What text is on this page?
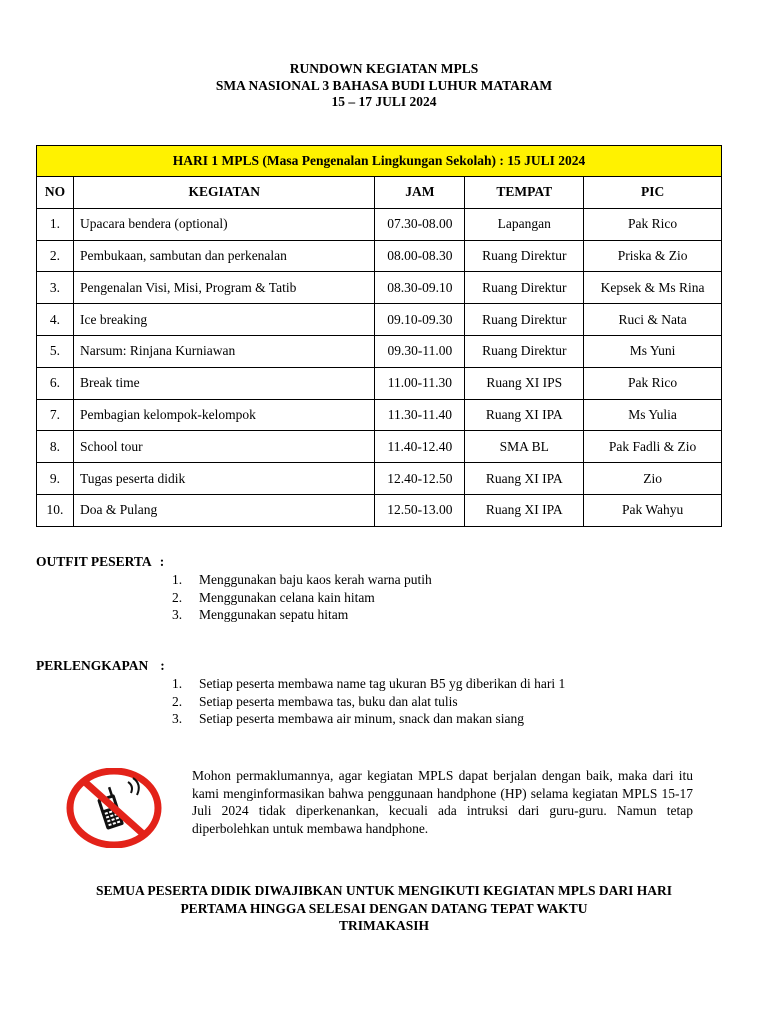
RUNDOWN KEGIATAN MPLS
SMA NASIONAL 3 BAHASA BUDI LUHUR MATARAM
15 – 17 JULI 2024
HARI 1 MPLS (Masa Pengenalan Lingkungan Sekolah) : 15 JULI 2024				
NO	KEGIATAN	JAM	TEMPAT	PIC
1.	Upacara bendera (optional)	07.30-08.00	Lapangan	Pak Rico
2.	Pembukaan, sambutan dan perkenalan	08.00-08.30	Ruang Direktur	Priska & Zio
3.	Pengenalan Visi, Misi, Program & Tatib	08.30-09.10	Ruang Direktur	Kepsek & Ms Rina
4.	Ice breaking	09.10-09.30	Ruang Direktur	Ruci & Nata
5.	Narsum: Rinjana Kurniawan	09.30-11.00	Ruang Direktur	Ms Yuni
6.	Break time	11.00-11.30	Ruang XI IPS	Pak Rico
7.	Pembagian kelompok-kelompok	11.30-11.40	Ruang XI IPA	Ms Yulia
8.	School tour	11.40-12.40	SMA BL	Pak Fadli & Zio
9.	Tugas peserta didik	12.40-12.50	Ruang XI IPA	Zio
10.	Doa & Pulang	12.50-13.00	Ruang XI IPA	Pak Wahyu
OUTFIT PESERTA :
1.	Menggunakan baju kaos kerah warna putih
2.	Menggunakan celana kain hitam
3.	Menggunakan sepatu hitam
PERLENGKAPAN :
1.	Setiap peserta membawa name tag ukuran B5 yg diberikan di hari 1
2.	Setiap peserta membawa tas, buku dan alat tulis
3.	Setiap peserta membawa air minum, snack dan makan siang
Mohon permaklumannya, agar kegiatan MPLS dapat berjalan dengan baik, maka dari itu kami menginformasikan bahwa penggunaan handphone (HP) selama kegiatan MPLS 15-17 Juli 2024 tidak diperkenankan, kecuali ada intruksi dari guru-guru. Namun tetap diperbolehkan untuk membawa handphone.
SEMUA PESERTA DIDIK DIWAJIBKAN UNTUK MENGIKUTI KEGIATAN MPLS DARI HARI
PERTAMA HINGGA SELESAI DENGAN DATANG TEPAT WAKTU
TRIMAKASIH
